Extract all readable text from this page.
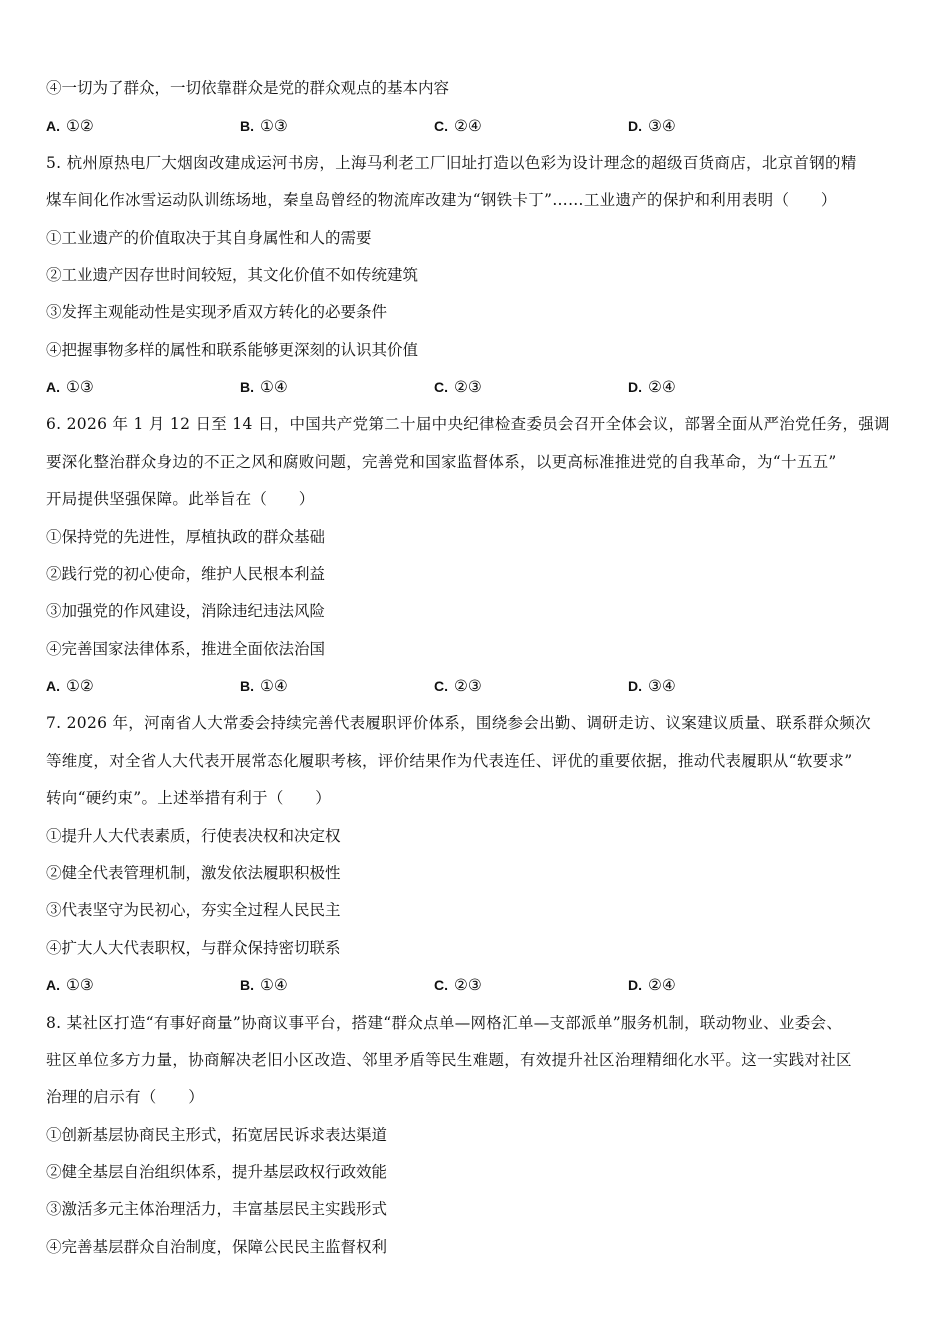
④一切为了群众，一切依靠群众是党的群众观点的基本内容
A. ①②	B. ①③	C. ②④	D. ③④
5. 杭州原热电厂大烟囱改建成运河书房，上海马利老工厂旧址打造以色彩为设计理念的超级百货商店，北京首钢的精
煤车间化作冰雪运动队训练场地，秦皇岛曾经的物流库改建为“钢铁卡丁”……工业遗产的保护和利用表明（　　）
①工业遗产的价值取决于其自身属性和人的需要
②工业遗产因存世时间较短，其文化价值不如传统建筑
③发挥主观能动性是实现矛盾双方转化的必要条件
④把握事物多样的属性和联系能够更深刻的认识其价值
A. ①③	B. ①④	C. ②③	D. ②④
6. 2026 年 1 月 12 日至 14 日，中国共产党第二十届中央纪律检查委员会召开全体会议，部署全面从严治党任务，强调
要深化整治群众身边的不正之风和腐败问题，完善党和国家监督体系，以更高标准推进党的自我革命，为“十五五”
开局提供坚强保障。此举旨在（　　）
①保持党的先进性，厚植执政的群众基础
②践行党的初心使命，维护人民根本利益
③加强党的作风建设，消除违纪违法风险
④完善国家法律体系，推进全面依法治国
A. ①②	B. ①④	C. ②③	D. ③④
7. 2026 年，河南省人大常委会持续完善代表履职评价体系，围绕参会出勤、调研走访、议案建议质量、联系群众频次
等维度，对全省人大代表开展常态化履职考核，评价结果作为代表连任、评优的重要依据，推动代表履职从“软要求”
转向“硬约束”。上述举措有利于（　　）
①提升人大代表素质，行使表决权和决定权
②健全代表管理机制，激发依法履职积极性
③代表坚守为民初心，夯实全过程人民民主
④扩大人大代表职权，与群众保持密切联系
A. ①③	B. ①④	C. ②③	D. ②④
8. 某社区打造“有事好商量”协商议事平台，搭建“群众点单—网格汇单—支部派单”服务机制，联动物业、业委会、
驻区单位多方力量，协商解决老旧小区改造、邻里矛盾等民生难题，有效提升社区治理精细化水平。这一实践对社区
治理的启示有（　　）
①创新基层协商民主形式，拓宽居民诉求表达渠道
②健全基层自治组织体系，提升基层政权行政效能
③激活多元主体治理活力，丰富基层民主实践形式
④完善基层群众自治制度，保障公民民主监督权利
